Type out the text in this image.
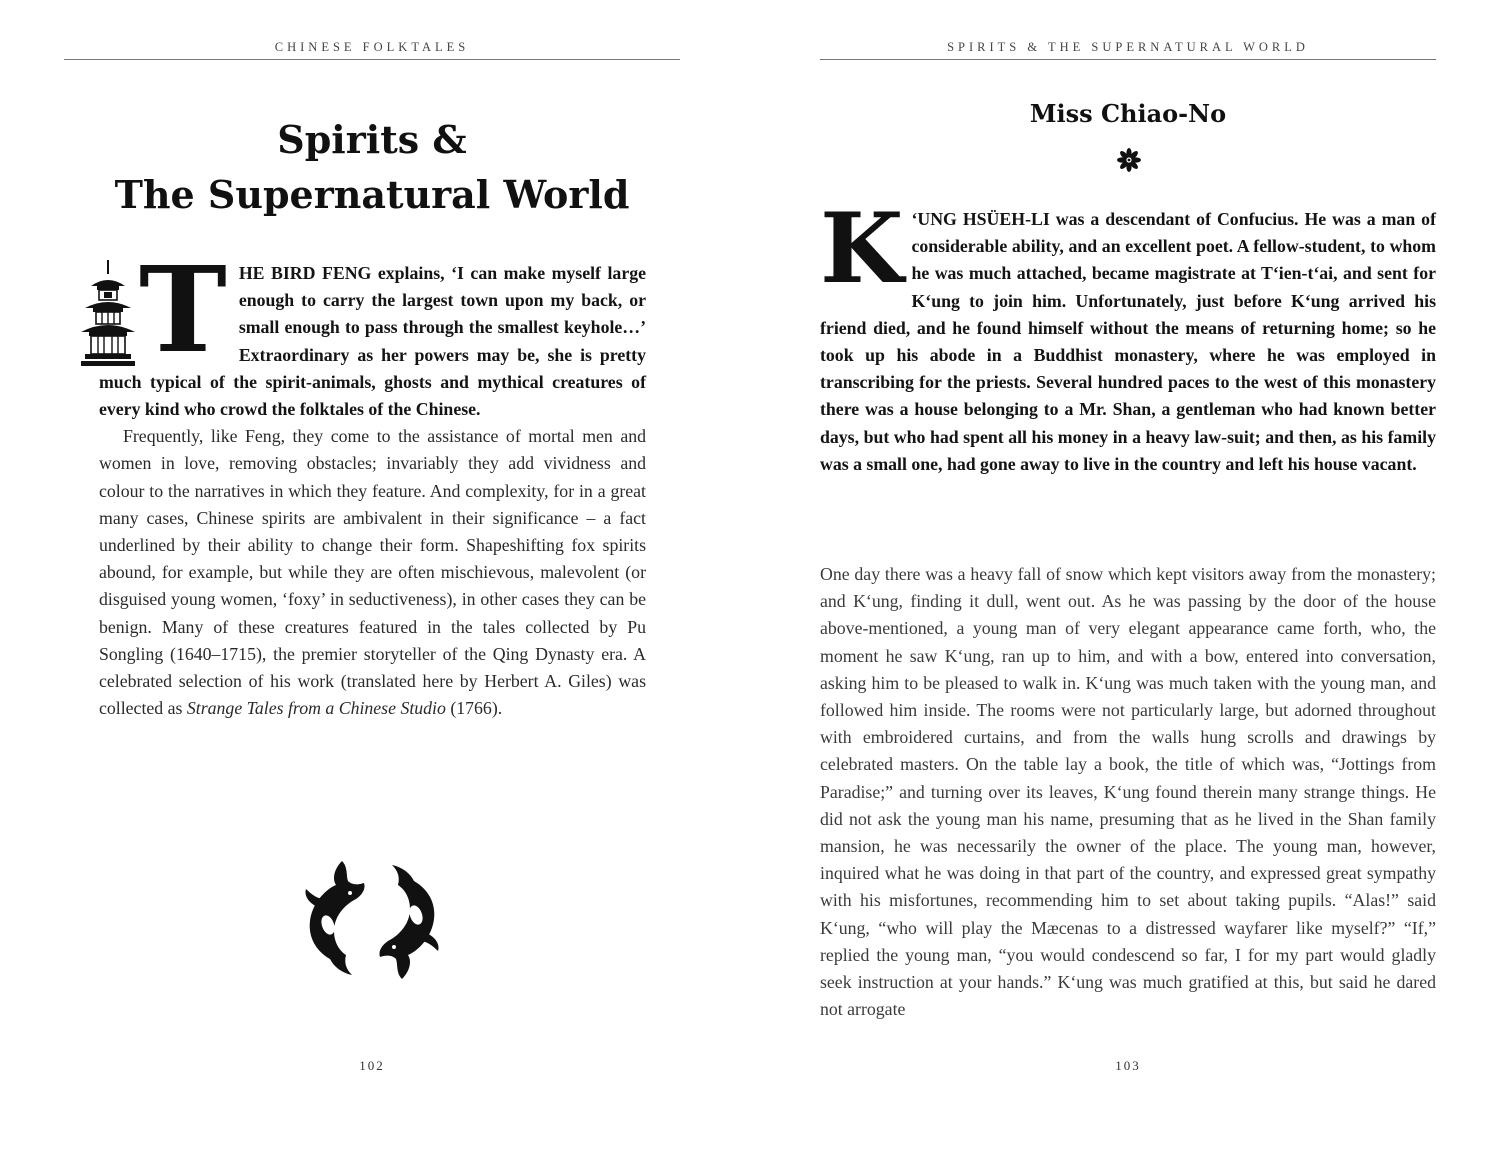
CHINESE FOLKTALES
Spirits &
The Supernatural World

THE BIRD FENG explains, ‘I can make myself large enough to carry the largest town upon my back, or small enough to pass through the smallest keyhole…’ Extraordinary as her powers may be, she is pretty much typical of the spirit-animals, ghosts and mythical creatures of every kind who crowd the folktales of the Chinese.

Frequently, like Feng, they come to the assistance of mortal men and women in love, removing obstacles; invariably they add vividness and colour to the narratives in which they feature. And complexity, for in a great many cases, Chinese spirits are ambivalent in their significance – a fact underlined by their ability to change their form. Shapeshifting fox spirits abound, for example, but while they are often mischievous, malevolent (or disguised young women, ‘foxy’ in seductiveness), in other cases they can be benign. Many of these creatures featured in the tales collected by Pu Songling (1640–1715), the premier storyteller of the Qing Dynasty era. A celebrated selection of his work (translated here by Herbert A. Giles) was collected as Strange Tales from a Chinese Studio (1766).

102
SPIRITS & THE SUPERNATURAL WORLD
Miss Chiao-No

K ‘UNG HSÜEH-LI was a descendant of Confucius. He was a man of considerable ability, and an excellent poet. A fellow-student, to whom he was much attached, became magistrate at T‘ien-t‘ai, and sent for K‘ung to join him. Unfortunately, just before K‘ung arrived his friend died, and he found himself without the means of returning home; so he took up his abode in a Buddhist monastery, where he was employed in transcribing for the priests. Several hundred paces to the west of this monastery there was a house belonging to a Mr. Shan, a gentleman who had known better days, but who had spent all his money in a heavy law-suit; and then, as his family was a small one, had gone away to live in the country and left his house vacant.

One day there was a heavy fall of snow which kept visitors away from the monastery; and K‘ung, finding it dull, went out. As he was passing by the door of the house above-mentioned, a young man of very elegant appearance came forth, who, the moment he saw K‘ung, ran up to him, and with a bow, entered into conversation, asking him to be pleased to walk in. K‘ung was much taken with the young man, and followed him inside. The rooms were not particularly large, but adorned throughout with embroidered curtains, and from the walls hung scrolls and drawings by celebrated masters. On the table lay a book, the title of which was, “Jottings from Paradise;” and turning over its leaves, K‘ung found therein many strange things. He did not ask the young man his name, presuming that as he lived in the Shan family mansion, he was necessarily the owner of the place. The young man, however, inquired what he was doing in that part of the country, and expressed great sympathy with his misfortunes, recommending him to set about taking pupils. “Alas!” said K‘ung, “who will play the Mæcenas to a distressed wayfarer like myself?” “If,” replied the young man, “you would condescend so far, I for my part would gladly seek instruction at your hands.” K‘ung was much gratified at this, but said he dared not arrogate

103
